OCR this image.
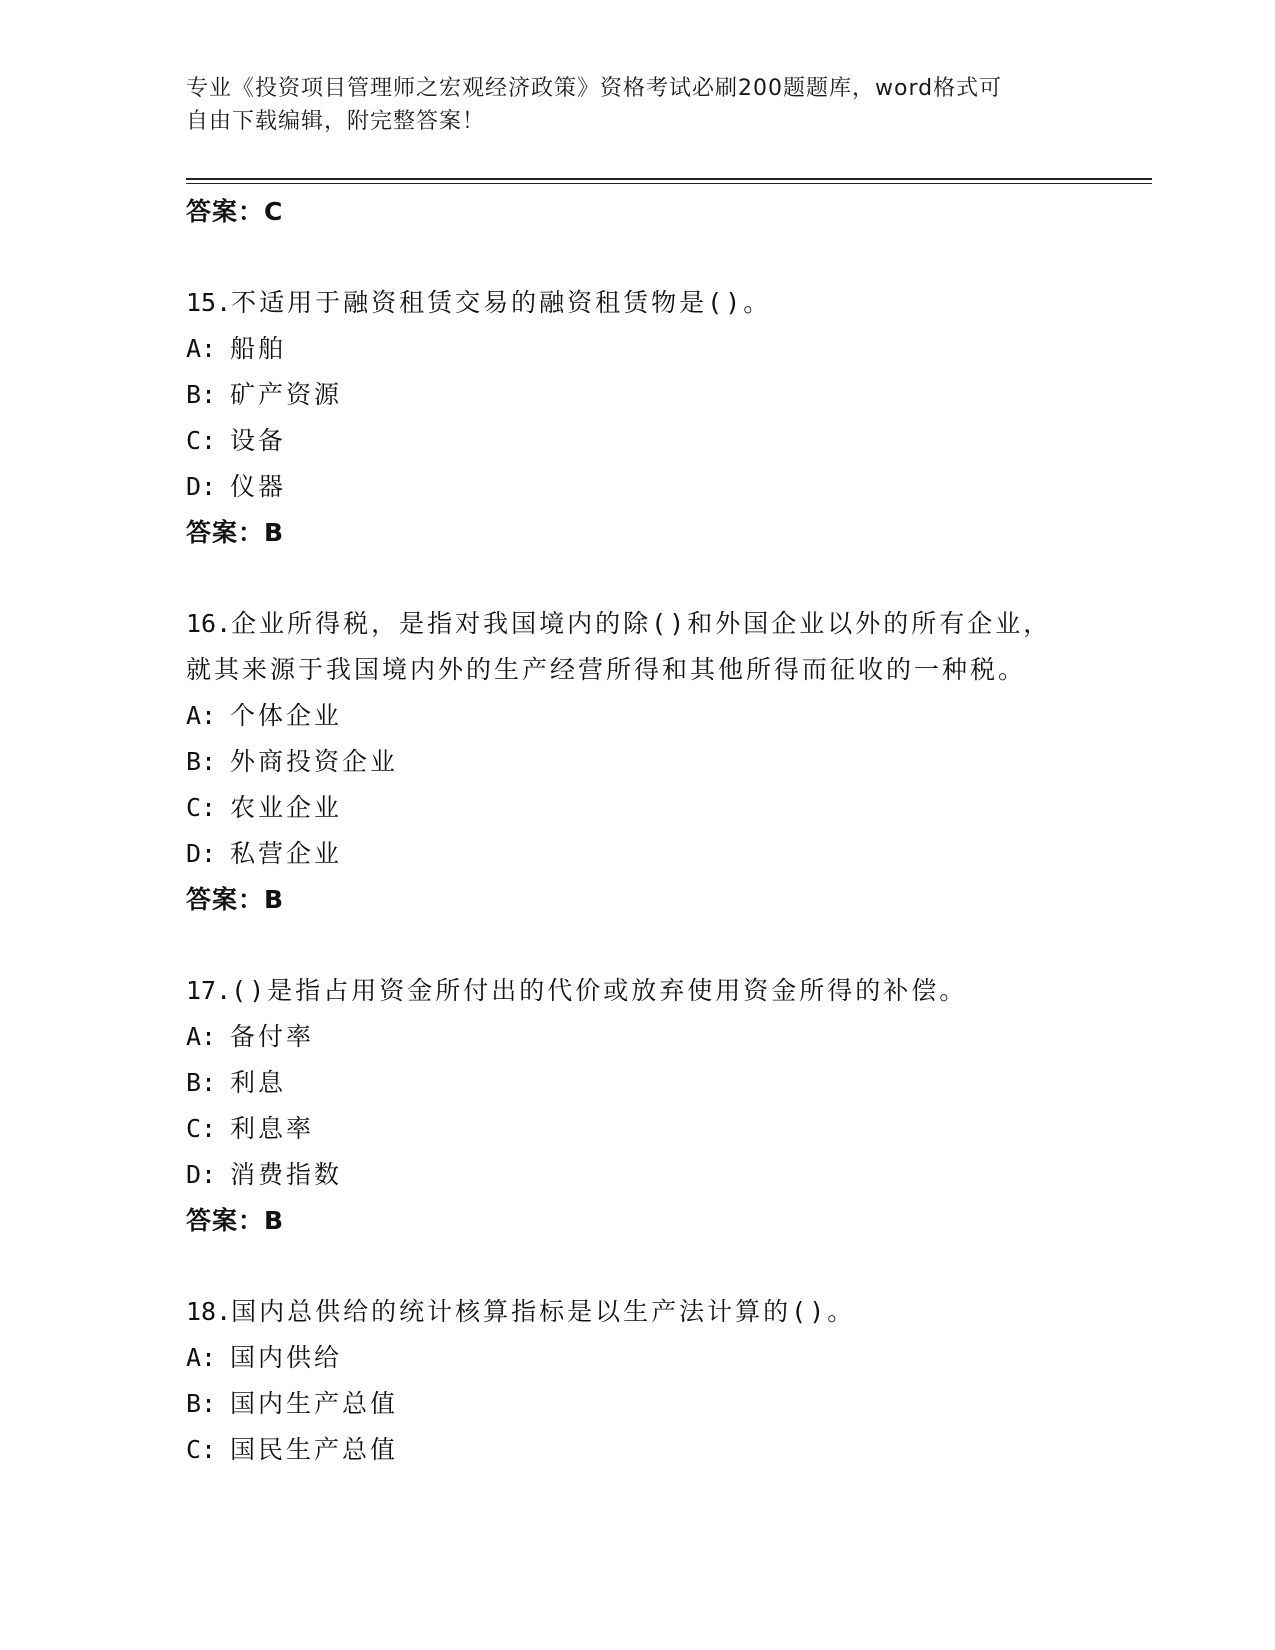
专业《投资项目管理师之宏观经济政策》资格考试必刷200题题库，word格式可
自由下载编辑，附完整答案！
答案：C
15.不适用于融资租赁交易的融资租赁物是()。
A: 船舶
B: 矿产资源
C: 设备
D: 仪器
答案：B
16.企业所得税，是指对我国境内的除()和外国企业以外的所有企业，
就其来源于我国境内外的生产经营所得和其他所得而征收的一种税。
A: 个体企业
B: 外商投资企业
C: 农业企业
D: 私营企业
答案：B
17.()是指占用资金所付出的代价或放弃使用资金所得的补偿。
A: 备付率
B: 利息
C: 利息率
D: 消费指数
答案：B
18.国内总供给的统计核算指标是以生产法计算的()。
A: 国内供给
B: 国内生产总值
C: 国民生产总值
